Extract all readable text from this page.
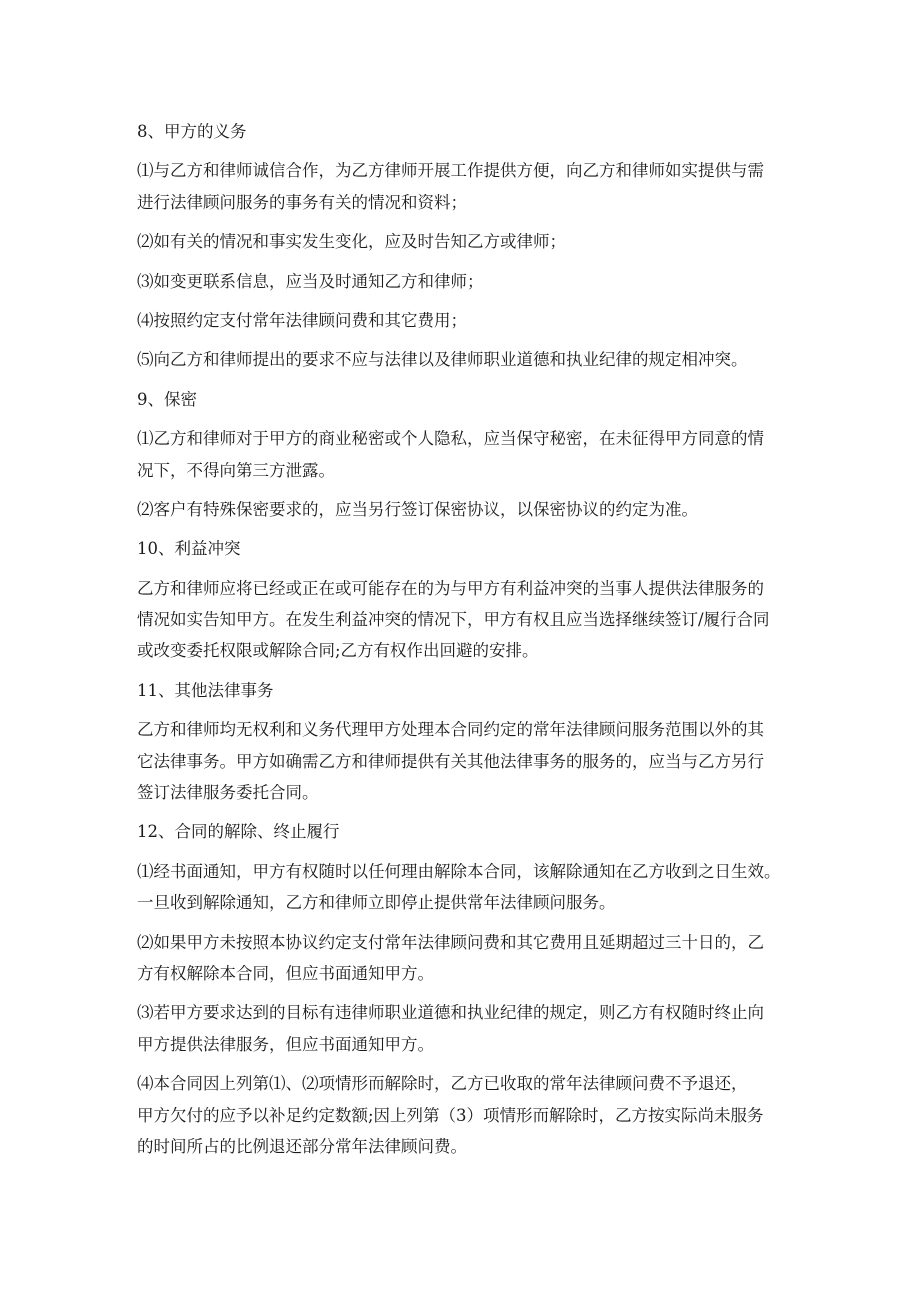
8、甲方的义务
⑴与乙方和律师诚信合作，为乙方律师开展工作提供方便，向乙方和律师如实提供与需
进行法律顾问服务的事务有关的情况和资料；
⑵如有关的情况和事实发生变化，应及时告知乙方或律师；
⑶如变更联系信息，应当及时通知乙方和律师；
⑷按照约定支付常年法律顾问费和其它费用；
⑸向乙方和律师提出的要求不应与法律以及律师职业道德和执业纪律的规定相冲突。
9、保密
⑴乙方和律师对于甲方的商业秘密或个人隐私，应当保守秘密，在未征得甲方同意的情
况下，不得向第三方泄露。
⑵客户有特殊保密要求的，应当另行签订保密协议，以保密协议的约定为准。
10、利益冲突
乙方和律师应将已经或正在或可能存在的为与甲方有利益冲突的当事人提供法律服务的
情况如实告知甲方。在发生利益冲突的情况下，甲方有权且应当选择继续签订/履行合同
或改变委托权限或解除合同;乙方有权作出回避的安排。
11、其他法律事务
乙方和律师均无权利和义务代理甲方处理本合同约定的常年法律顾问服务范围以外的其
它法律事务。甲方如确需乙方和律师提供有关其他法律事务的服务的，应当与乙方另行
签订法律服务委托合同。
12、合同的解除、终止履行
⑴经书面通知，甲方有权随时以任何理由解除本合同，该解除通知在乙方收到之日生效。
一旦收到解除通知，乙方和律师立即停止提供常年法律顾问服务。
⑵如果甲方未按照本协议约定支付常年法律顾问费和其它费用且延期超过三十日的，乙
方有权解除本合同，但应书面通知甲方。
⑶若甲方要求达到的目标有违律师职业道德和执业纪律的规定，则乙方有权随时终止向
甲方提供法律服务，但应书面通知甲方。
⑷本合同因上列第⑴、⑵项情形而解除时，乙方已收取的常年法律顾问费不予退还，
甲方欠付的应予以补足约定数额;因上列第（3）项情形而解除时，乙方按实际尚未服务
的时间所占的比例退还部分常年法律顾问费。
